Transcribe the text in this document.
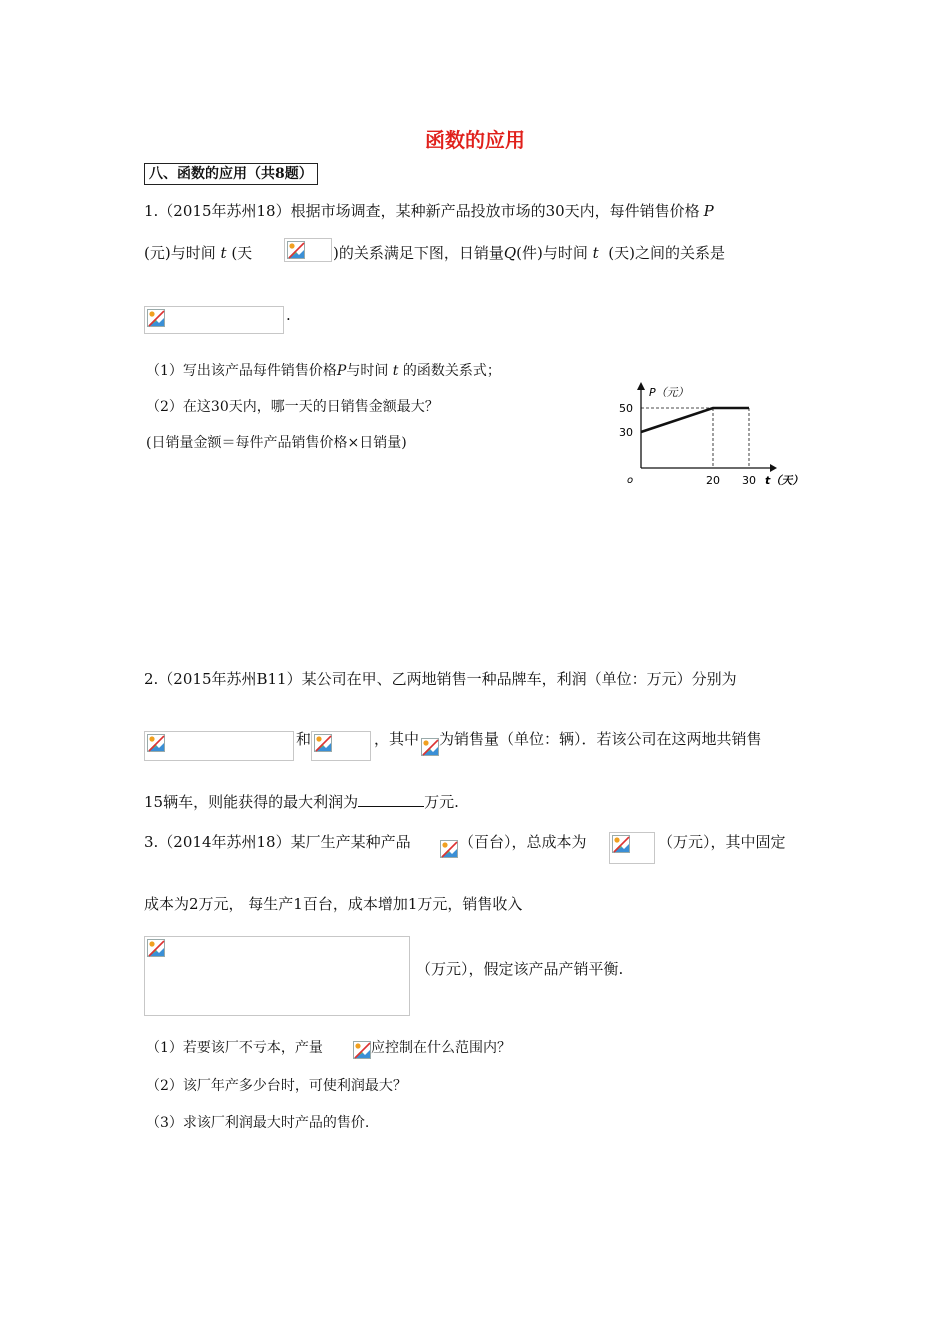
函数的应用
八、函数的应用（共8题）
1.（2015年苏州18）根据市场调查，某种新产品投放市场的30天内，每件销售价格 P
(元)与时间 t (天	)的关系满足下图，日销量Q(件)与时间 t (天)之间的关系是
.
（1）写出该产品每件销售价格P与时间 t 的函数关系式；
（2）在这30天内，哪一天的日销售金额最大？
(日销量金额＝每件产品销售价格×日销量)
P（元）
t（天）
o
30
50
20 30
2.（2015年苏州B11）某公司在甲、乙两地销售一种品牌车，利润（单位：万元）分别为
和	，其中 为销售量（单位：辆）．若该公司在这两地共销售
15辆车，则能获得的最大利润为	万元.
3.（2014年苏州18）某厂生产某种产品	（百台），总成本为	（万元），其中固定
成本为2万元， 每生产1百台，成本增加1万元，销售收入
（万元），假定该产品产销平衡.
（1）若要该厂不亏本，产量	应控制在什么范围内？
（2）该厂年产多少台时，可使利润最大？
（3）求该厂利润最大时产品的售价.
